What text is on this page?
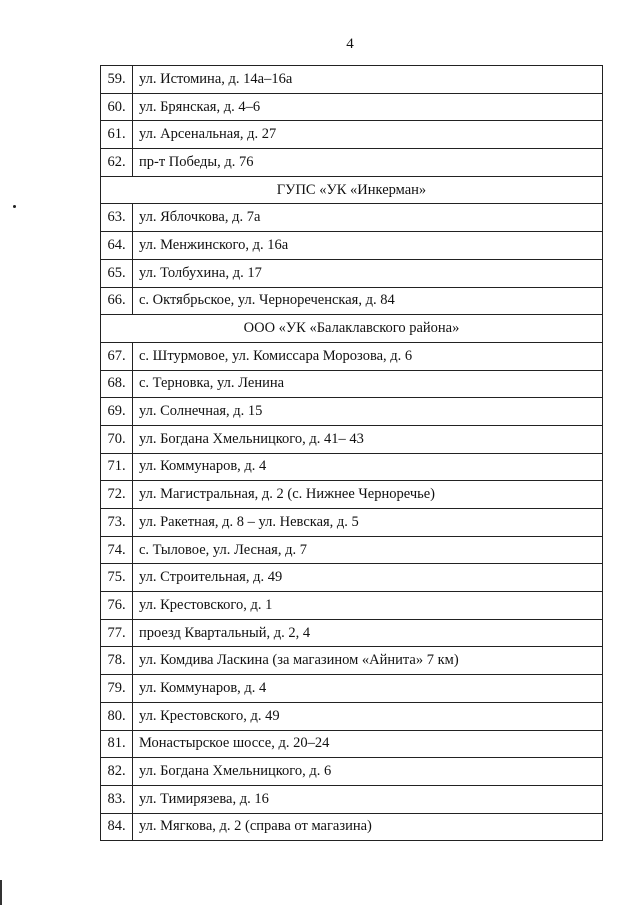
4
59.	ул. Истомина, д. 14а–16а
60.	ул. Брянская, д. 4–6
61.	ул. Арсенальная, д. 27
62.	пр-т Победы, д. 76
ГУПС «УК «Инкерман»	
63.	ул. Яблочкова, д. 7а
64.	ул. Менжинского, д. 16а
65.	ул. Толбухина, д. 17
66.	с. Октябрьское, ул. Чернореченская, д. 84
ООО «УК «Балаклавского района»	
67.	с. Штурмовое, ул. Комиссара Морозова, д. 6
68.	с. Терновка, ул. Ленина
69.	ул. Солнечная, д. 15
70.	ул. Богдана Хмельницкого, д. 41– 43
71.	ул. Коммунаров, д. 4
72.	ул. Магистральная, д. 2 (с. Нижнее Черноречье)
73.	ул. Ракетная, д. 8 – ул. Невская, д. 5
74.	с. Тыловое, ул. Лесная, д. 7
75.	ул. Строительная, д. 49
76.	ул. Крестовского, д. 1
77.	проезд Квартальный, д. 2, 4
78.	ул. Комдива Ласкина (за магазином «Айнита» 7 км)
79.	ул. Коммунаров, д. 4
80.	ул. Крестовского, д. 49
81.	Монастырское шоссе, д. 20–24
82.	ул. Богдана Хмельницкого, д. 6
83.	ул. Тимирязева, д. 16
84.	ул. Мягкова, д. 2 (справа от магазина)
